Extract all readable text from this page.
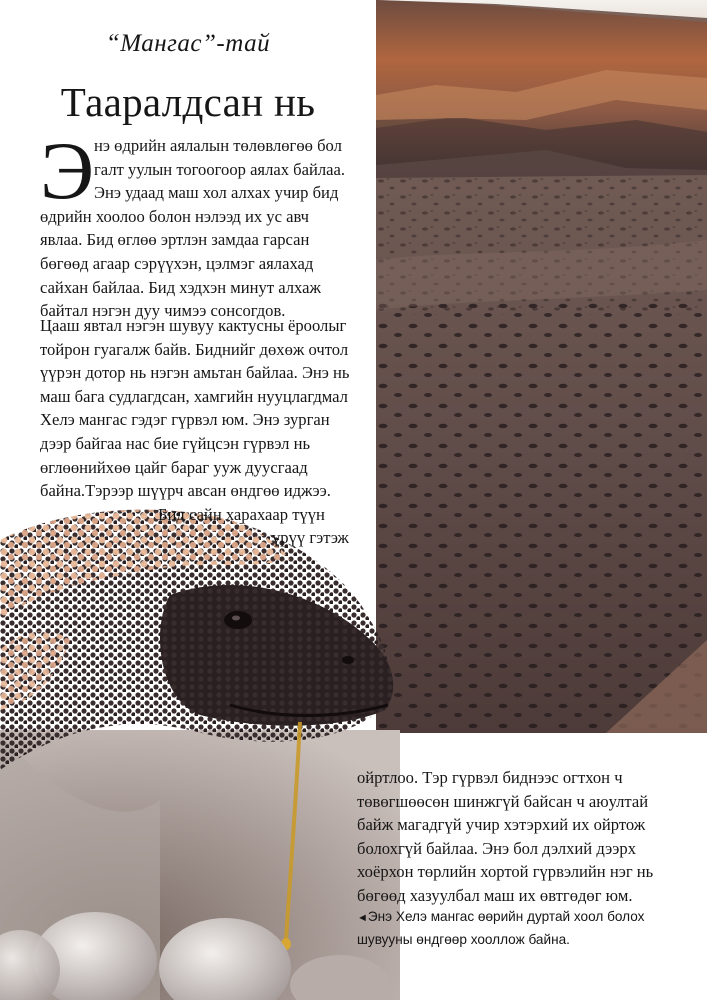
“Мангас”-тай
Тааралдсан нь
Э нэ өдрийн аялалын төлөвлөгөө бол
галт уулын тогоогоор аялах байлаа.
Энэ удаад маш хол алхах учир бид
өдрийн хоолоо болон нэлээд их ус авч
явлаа. Бид өглөө эртлэн замдаа гарсан
бөгөөд агаар сэрүүхэн, цэлмэг аялахад
сайхан байлаа. Бид хэдхэн минут алхаж
байтал нэгэн дуу чимээ сонсогдов.
Цааш явтал нэгэн шувуу кактусны ёроолыг
тойрон гуагалж байв. Биднийг дөхөж очтол
үүрэн дотор нь нэгэн амьтан байлаа. Энэ нь
маш бага судлагдсан, хамгийн нууцлагдмал
Хелэ мангас гэдэг гүрвэл юм. Энэ зурган
дээр байгаа нас бие гүйцсэн гүрвэл нь
өглөөнийхөө цайг бараг ууж дуусгаад
байна.Тэрээр шүүрч авсан өндгөө иджээ.
Бид сайн харахаар түүн
үрүү гэтэж
ойртлоо. Тэр гүрвэл биднээс огтхон ч
төвөгшөөсөн шинжгүй байсан ч аюултай
байж магадгүй учир хэтэрхий их ойртож
болохгүй байлаа. Энэ бол дэлхий дээрх
хоёрхон төрлийн хортой гүрвэлийн нэг нь
бөгөөд хазуулбал маш их өвтгөдөг юм.
◄Энэ Хелэ мангас өөрийн дуртай хоол болох
шувууны өндгөөр хооллож байна.
